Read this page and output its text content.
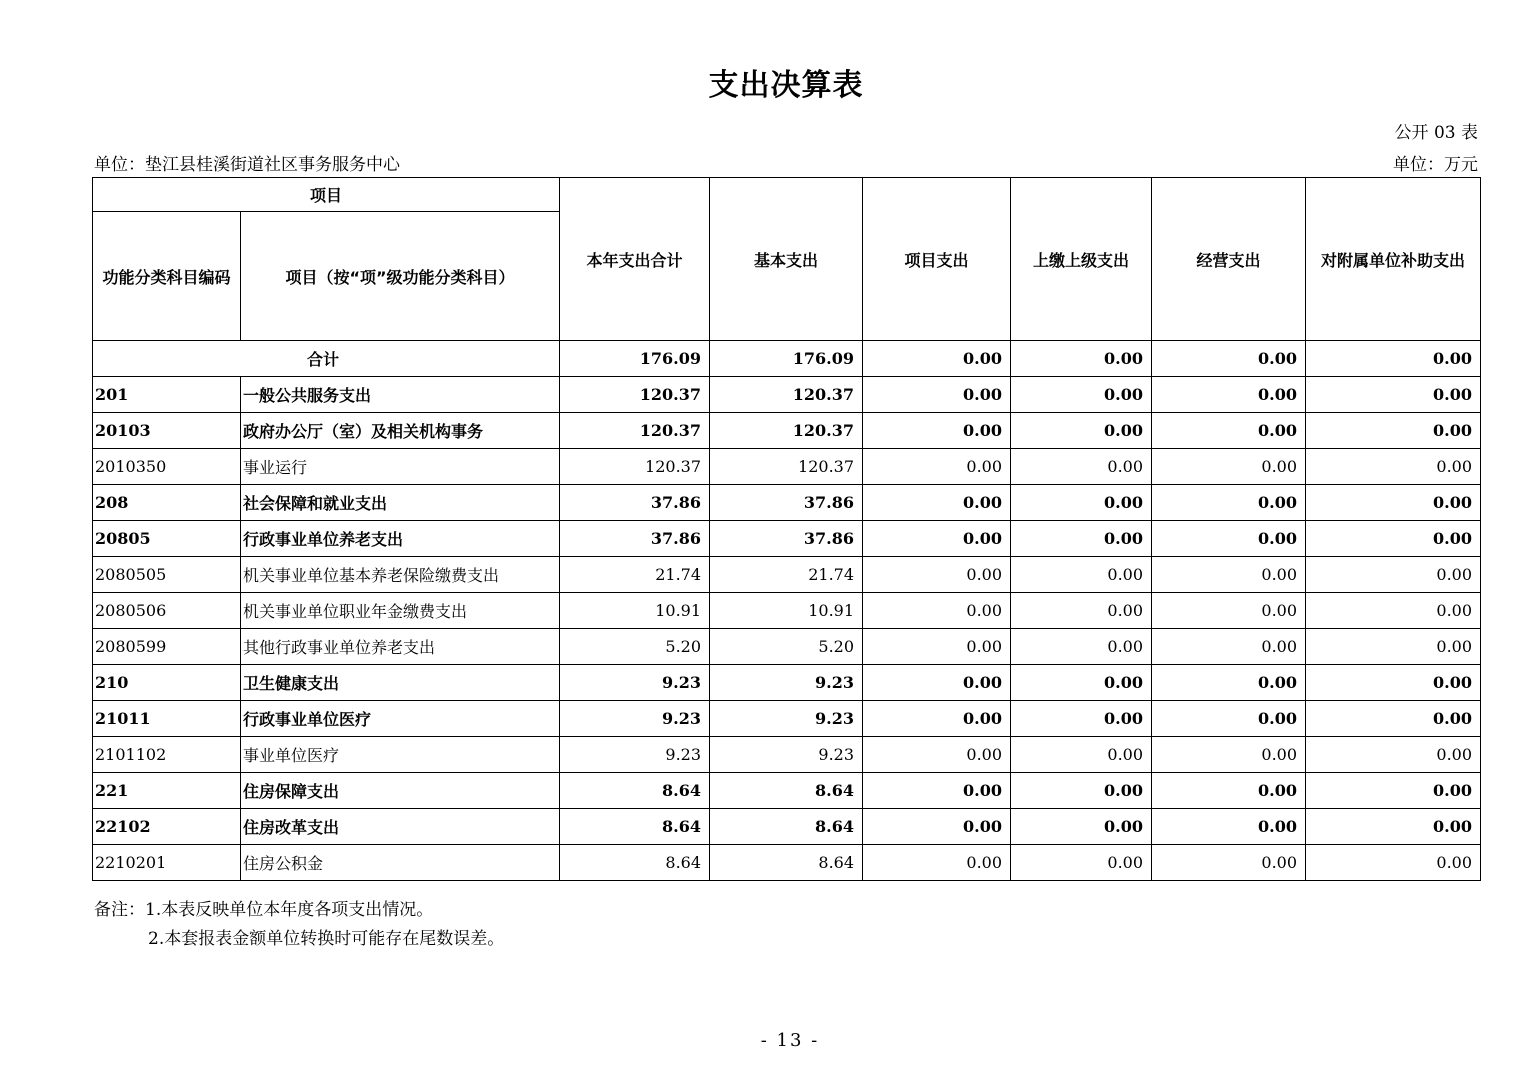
支出决算表
公开 03 表
单位：垫江县桂溪街道社区事务服务中心	单位：万元
项目		本年支出合计	基本支出	项目支出	上缴上级支出	经营支出	对附属单位补助支出
功能分类科目编码	项目（按“项”级功能分类科目）						
合计		176.09	176.09	0.00	0.00	0.00	0.00
201	一般公共服务支出	120.37	120.37	0.00	0.00	0.00	0.00
20103	政府办公厅（室）及相关机构事务	120.37	120.37	0.00	0.00	0.00	0.00
2010350	事业运行	120.37	120.37	0.00	0.00	0.00	0.00
208	社会保障和就业支出	37.86	37.86	0.00	0.00	0.00	0.00
20805	行政事业单位养老支出	37.86	37.86	0.00	0.00	0.00	0.00
2080505	机关事业单位基本养老保险缴费支出	21.74	21.74	0.00	0.00	0.00	0.00
2080506	机关事业单位职业年金缴费支出	10.91	10.91	0.00	0.00	0.00	0.00
2080599	其他行政事业单位养老支出	5.20	5.20	0.00	0.00	0.00	0.00
210	卫生健康支出	9.23	9.23	0.00	0.00	0.00	0.00
21011	行政事业单位医疗	9.23	9.23	0.00	0.00	0.00	0.00
2101102	事业单位医疗	9.23	9.23	0.00	0.00	0.00	0.00
221	住房保障支出	8.64	8.64	0.00	0.00	0.00	0.00
22102	住房改革支出	8.64	8.64	0.00	0.00	0.00	0.00
2210201	住房公积金	8.64	8.64	0.00	0.00	0.00	0.00
备注：1.本表反映单位本年度各项支出情况。
2.本套报表金额单位转换时可能存在尾数误差。
- 13 -
